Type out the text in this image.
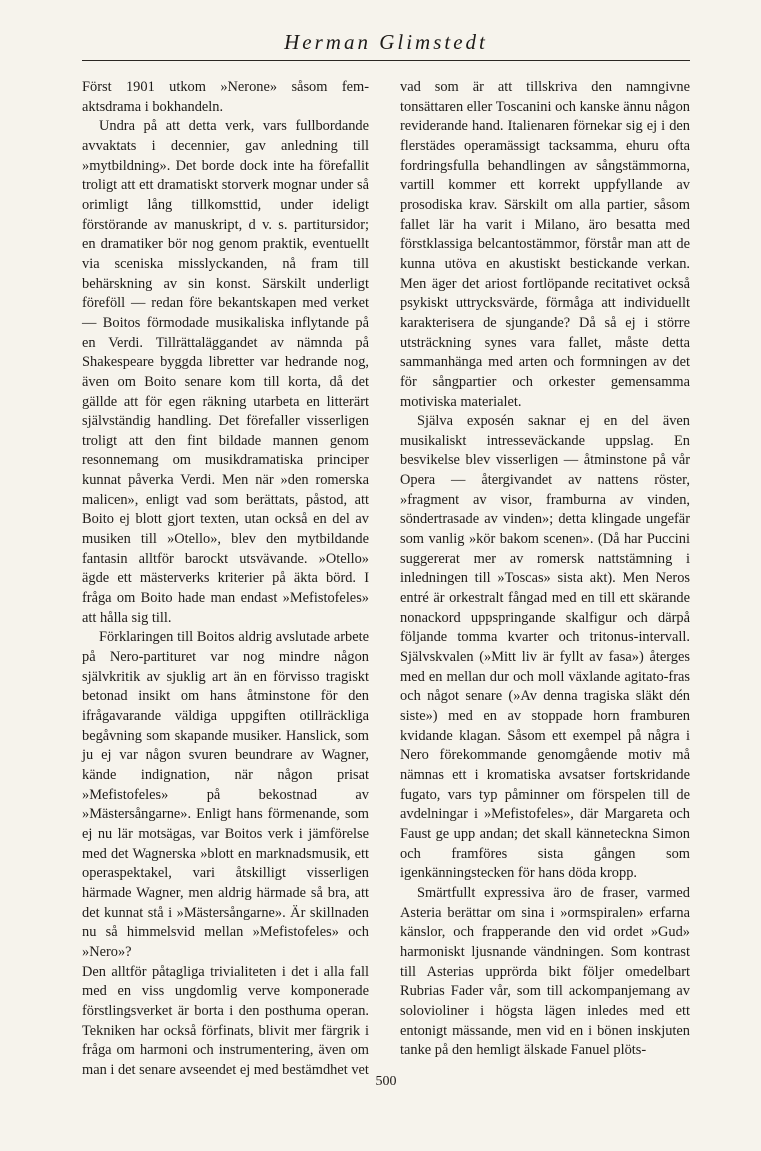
Herman Glimstedt

Först 1901 utkom »Nerone» såsom fem-aktsdrama i bokhandeln.

Undra på att detta verk, vars fullbordande avvaktats i decennier, gav anledning till »mytbildning». Det borde dock inte ha förefallit troligt att ett dramatiskt storverk mognar under så orimligt lång tillkomsttid, under ideligt förstörande av manuskript, d v. s. partitursidor; en dramatiker bör nog genom praktik, eventuellt via sceniska misslyckanden, nå fram till behärskning av sin konst. Särskilt underligt föreföll — redan före bekantskapen med verket — Boitos förmodade musikaliska inflytande på en Verdi. Tillrättaläggandet av nämnda på Shakespeare byggda libretter var hedrande nog, även om Boito senare kom till korta, då det gällde att för egen räkning utarbeta en litterärt självständig handling. Det förefaller visserligen troligt att den fint bildade mannen genom resonnemang om musikdramatiska principer kunnat påverka Verdi. Men när »den romerska malicen», enligt vad som berättats, påstod, att Boito ej blott gjort texten, utan också en del av musiken till »Otello», blev den mytbildande fantasin alltför barockt utsvävande. »Otello» ägde ett mästerverks kriterier på äkta börd. I fråga om Boito hade man endast »Mefistofeles» att hålla sig till.

Förklaringen till Boitos aldrig avslutade arbete på Nero-partituret var nog mindre någon självkritik av sjuklig art än en förvisso tragiskt betonad insikt om hans åtminstone för den ifrågavarande väldiga uppgiften otillräckliga begåvning som skapande musiker. Hanslick, som ju ej var någon svuren beundrare av Wagner, kände indignation, när någon prisat »Mefistofeles» på bekostnad av »Mästersångarne». Enligt hans förmenande, som ej nu lär motsägas, var Boitos verk i jämförelse med det Wagnerska »blott en marknadsmusik, ett operaspektakel, vari åtskilligt visserligen härmade Wagner, men aldrig härmade så bra, att det kunnat stå i »Mästersångarne». Är skillnaden nu så himmelsvid mellan »Mefistofeles» och »Nero»?

Den alltför påtagliga trivialiteten i det i alla fall med en viss ungdomlig verve komponerade förstlingsverket är borta i den posthuma operan. Tekniken har också förfinats, blivit mer färgrik i fråga om harmoni och instrumentering, även om man i det senare avseendet ej med bestämdhet vet

vad som är att tillskriva den namngivne tonsättaren eller Toscanini och kanske ännu någon reviderande hand. Italienaren förnekar sig ej i den flerstädes operamässigt tacksamma, ehuru ofta fordringsfulla behandlingen av sångstämmorna, vartill kommer ett korrekt uppfyllande av prosodiska krav. Särskilt om alla partier, såsom fallet lär ha varit i Milano, äro besatta med förstklassiga belcantostämmor, förstår man att de kunna utöva en akustiskt bestickande verkan. Men äger det ariost fortlöpande recitativet också psykiskt uttrycksvärde, förmåga att individuellt karakterisera de sjungande? Då så ej i större utsträckning synes vara fallet, måste detta sammanhänga med arten och formningen av det för sångpartier och orkester gemensamma motiviska materialet.

Själva exposén saknar ej en del även musikaliskt intresseväckande uppslag. En besvikelse blev visserligen — åtminstone på vår Opera — återgivandet av nattens röster, »fragment av visor, framburna av vinden, söndertrasade av vinden»; detta klingade ungefär som vanlig »kör bakom scenen». (Då har Puccini suggererat mer av romersk nattstämning i inledningen till »Toscas» sista akt). Men Neros entré är orkestralt fångad med en till ett skärande nonackord uppspringande skalfigur och därpå följande tomma kvarter och tritonus-intervall. Självskvalen (»Mitt liv är fyllt av fasa») återges med en mellan dur och moll växlande agitato-fras och något senare (»Av denna tragiska släkt dén siste») med en av stoppade horn framburen kvidande klagan. Såsom ett exempel på några i Nero förekommande genomgående motiv må nämnas ett i kromatiska avsatser fortskridande fugato, vars typ påminner om förspelen till de avdelningar i »Mefistofeles», där Margareta och Faust ge upp andan; det skall känneteckna Simon och framföres sista gången som igenkänningstecken för hans döda kropp.

Smärtfullt expressiva äro de fraser, varmed Asteria berättar om sina i »ormspiralen» erfarna känslor, och frapperande den vid ordet »Gud» harmoniskt ljusnande vändningen. Som kontrast till Asterias upprörda bikt följer omedelbart Rubrias Fader vår, som till ackompanjemang av solovioliner i högsta lägen inledes med ett entonigt mässande, men vid en i bönen inskjuten tanke på den hemligt älskade Fanuel plöts-

500
